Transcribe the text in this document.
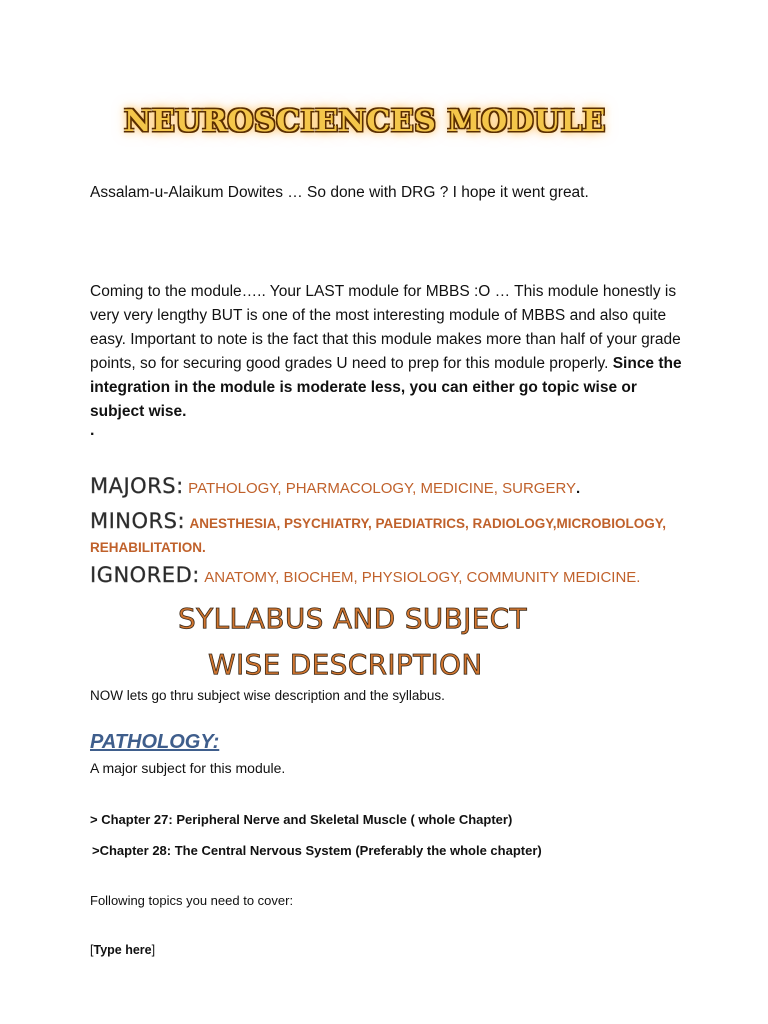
NEUROSCIENCES MODULE
Assalam-u-Alaikum Dowites … So done with DRG ? I hope it went great.
Coming to the module….. Your LAST module for MBBS :O … This module honestly is very very lengthy BUT is one of the most interesting module of MBBS and also quite easy. Important to note is the fact that this module makes more than half of your grade points, so for securing good grades U need to prep for this module properly. Since the integration in the module is moderate less, you can either go topic wise or subject wise.
.
MAJORS: PATHOLOGY, PHARMACOLOGY, MEDICINE, SURGERY.
MINORS: ANESTHESIA, PSYCHIATRY, PAEDIATRICS, RADIOLOGY,MICROBIOLOGY,
REHABILITATION.
IGNORED: ANATOMY, BIOCHEM, PHYSIOLOGY, COMMUNITY MEDICINE.
SYLLABUS AND SUBJECT
WISE DESCRIPTION
NOW lets go thru subject wise description and the syllabus.
PATHOLOGY:
A major subject for this module.
> Chapter 27: Peripheral Nerve and Skeletal Muscle ( whole Chapter)
>Chapter 28: The Central Nervous System (Preferably the whole chapter)
Following topics you need to cover:
[Type here]
